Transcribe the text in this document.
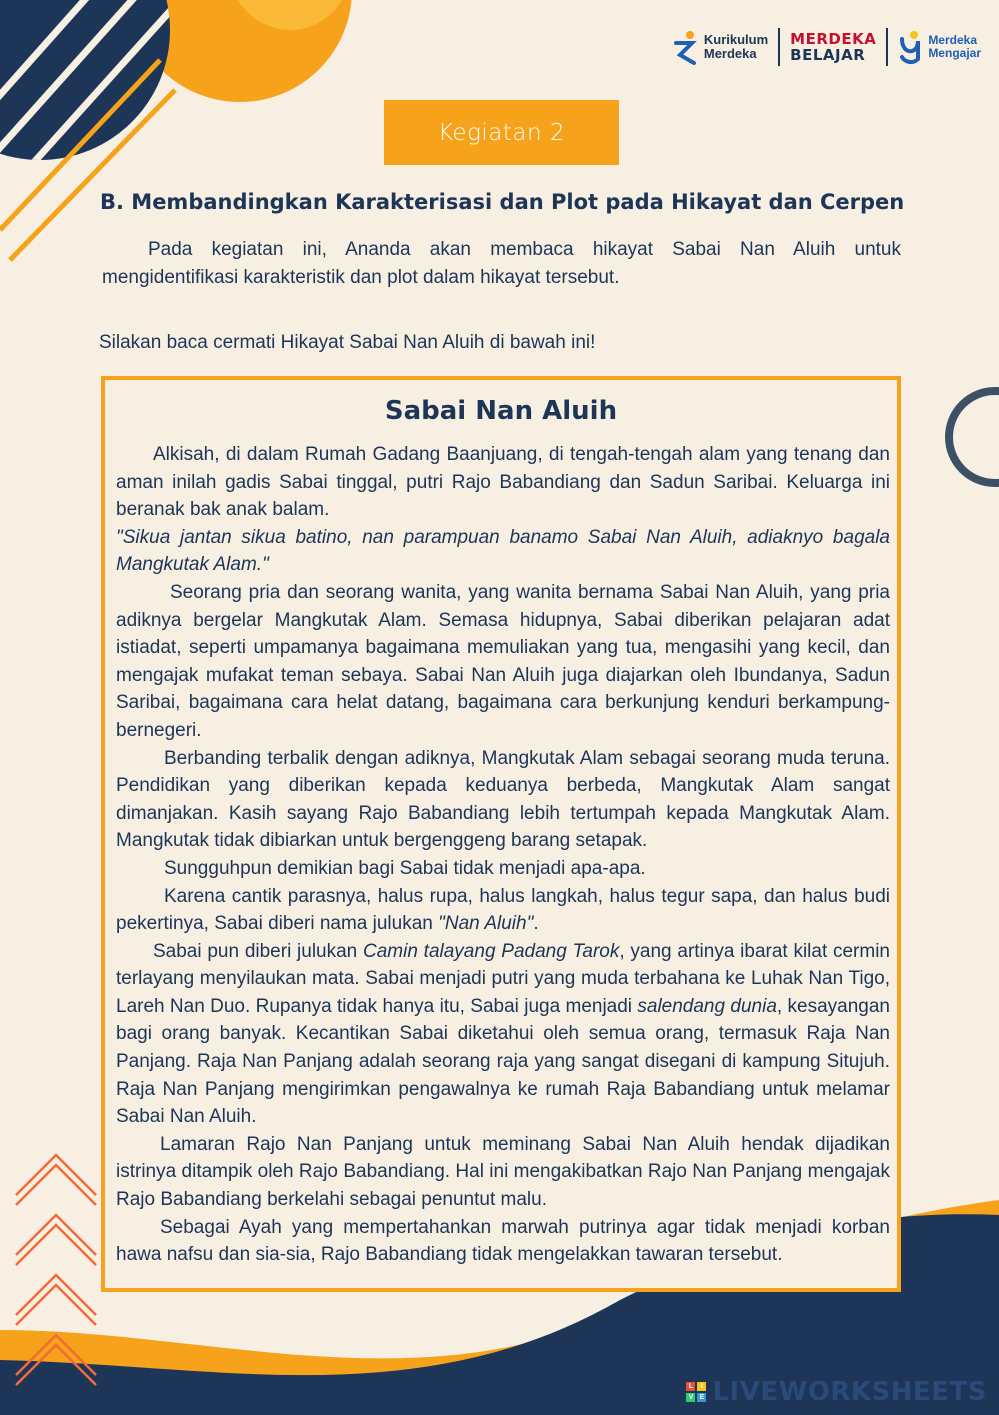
Kurikulum
Merdeka
MERDEKA
BELAJAR
Merdeka
Mengajar
Kegiatan 2
B. Membandingkan Karakterisasi dan Plot pada Hikayat dan Cerpen
Pada kegiatan ini, Ananda akan membaca hikayat Sabai Nan Aluih untuk mengidentifikasi karakteristik dan plot dalam hikayat tersebut.
Silakan baca cermati Hikayat Sabai Nan Aluih di bawah ini!
Sabai Nan Aluih

Alkisah, di dalam Rumah Gadang Baanjuang, di tengah-tengah alam yang tenang dan aman inilah gadis Sabai tinggal, putri Rajo Babandiang dan Sadun Saribai. Keluarga ini beranak bak anak balam.

"Sikua jantan sikua batino, nan parampuan banamo Sabai Nan Aluih, adiaknyo bagala Mangkutak Alam."

Seorang pria dan seorang wanita, yang wanita bernama Sabai Nan Aluih, yang pria adiknya bergelar Mangkutak Alam. Semasa hidupnya, Sabai diberikan pelajaran adat istiadat, seperti umpamanya bagaimana memuliakan yang tua, mengasihi yang kecil, dan mengajak mufakat teman sebaya. Sabai Nan Aluih juga diajarkan oleh Ibundanya, Sadun Saribai, bagaimana cara helat datang, bagaimana cara berkunjung kenduri berkampung-bernegeri.

Berbanding terbalik dengan adiknya, Mangkutak Alam sebagai seorang muda teruna. Pendidikan yang diberikan kepada keduanya berbeda, Mangkutak Alam sangat dimanjakan. Kasih sayang Rajo Babandiang lebih tertumpah kepada Mangkutak Alam. Mangkutak tidak dibiarkan untuk bergenggeng barang setapak.

Sungguhpun demikian bagi Sabai tidak menjadi apa-apa.

Karena cantik parasnya, halus rupa, halus langkah, halus tegur sapa, dan halus budi pekertinya, Sabai diberi nama julukan "Nan Aluih".

Sabai pun diberi julukan Camin talayang Padang Tarok, yang artinya ibarat kilat cermin terlayang menyilaukan mata. Sabai menjadi putri yang muda terbahana ke Luhak Nan Tigo, Lareh Nan Duo. Rupanya tidak hanya itu, Sabai juga menjadi salendang dunia, kesayangan bagi orang banyak. Kecantikan Sabai diketahui oleh semua orang, termasuk Raja Nan Panjang. Raja Nan Panjang adalah seorang raja yang sangat disegani di kampung Situjuh. Raja Nan Panjang mengirimkan pengawalnya ke rumah Raja Babandiang untuk melamar Sabai Nan Aluih.

Lamaran Rajo Nan Panjang untuk meminang Sabai Nan Aluih hendak dijadikan istrinya ditampik oleh Rajo Babandiang. Hal ini mengakibatkan Rajo Nan Panjang mengajak Rajo Babandiang berkelahi sebagai penuntut malu.

Sebagai Ayah yang mempertahankan marwah putrinya agar tidak menjadi korban hawa nafsu dan sia-sia, Rajo Babandiang tidak mengelakkan tawaran tersebut.

L	I
V E LIVEWORKSHEETS
